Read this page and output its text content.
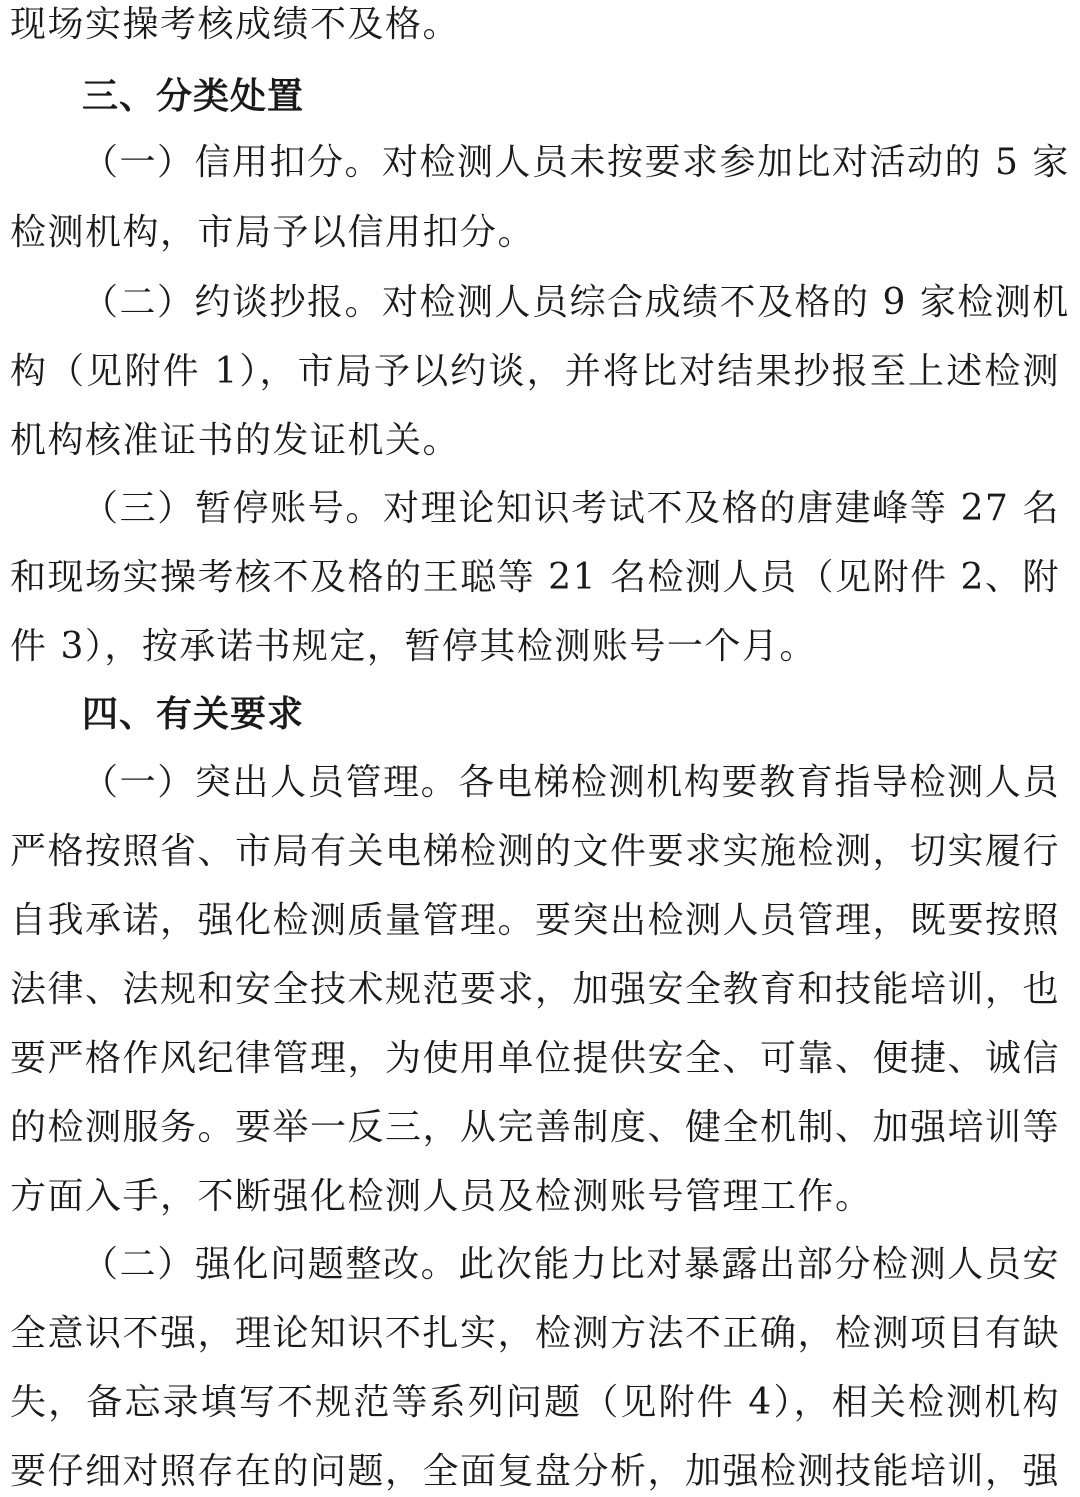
现场实操考核成绩不及格。
三、分类处置
（一）信用扣分。对检测人员未按要求参加比对活动的 5 家
检测机构，市局予以信用扣分。
（二）约谈抄报。对检测人员综合成绩不及格的 9 家检测机
构（见附件 1），市局予以约谈，并将比对结果抄报至上述检测
机构核准证书的发证机关。
（三）暂停账号。对理论知识考试不及格的唐建峰等 27 名
和现场实操考核不及格的王聪等 21 名检测人员（见附件 2、附
件 3），按承诺书规定，暂停其检测账号一个月。
四、有关要求
（一）突出人员管理。各电梯检测机构要教育指导检测人员
严格按照省、市局有关电梯检测的文件要求实施检测，切实履行
自我承诺，强化检测质量管理。要突出检测人员管理，既要按照
法律、法规和安全技术规范要求，加强安全教育和技能培训，也
要严格作风纪律管理，为使用单位提供安全、可靠、便捷、诚信
的检测服务。要举一反三，从完善制度、健全机制、加强培训等
方面入手，不断强化检测人员及检测账号管理工作。
（二）强化问题整改。此次能力比对暴露出部分检测人员安
全意识不强，理论知识不扎实，检测方法不正确，检测项目有缺
失，备忘录填写不规范等系列问题（见附件 4），相关检测机构
要仔细对照存在的问题，全面复盘分析，加强检测技能培训，强
